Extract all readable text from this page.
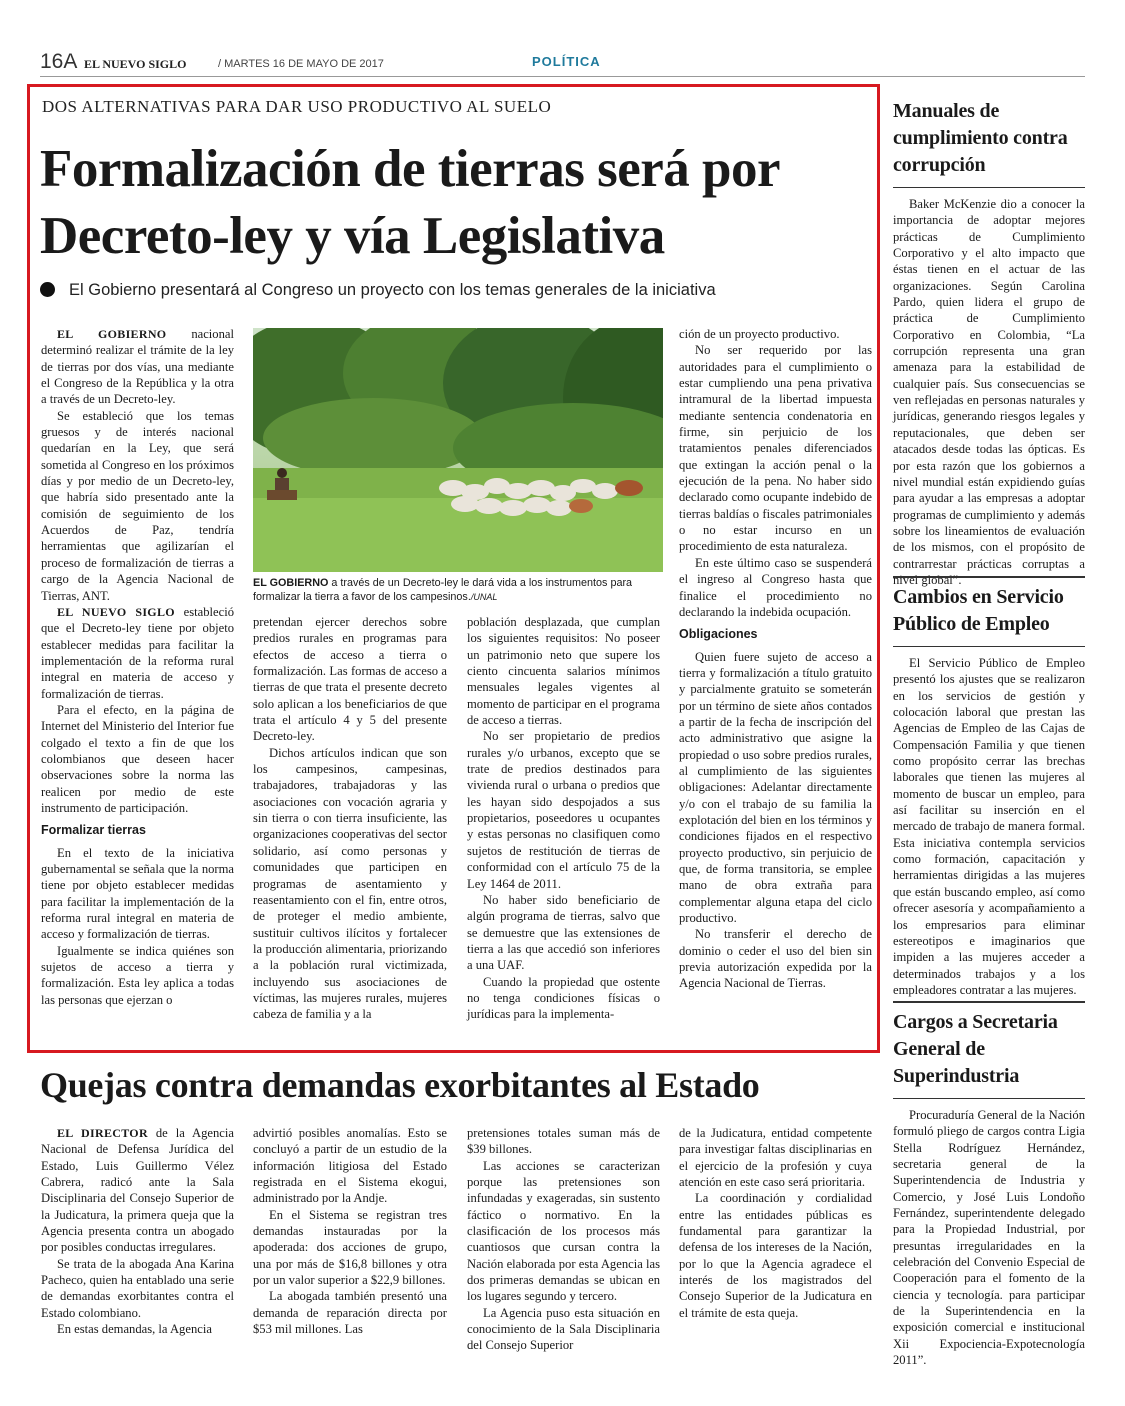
16A EL NUEVO SIGLO	/ MARTES 16 DE MAYO DE 2017	POLÍTICA
DOS ALTERNATIVAS PARA DAR USO PRODUCTIVO AL SUELO
Formalización de tierras será por Decreto-ley y vía Legislativa
El Gobierno presentará al Congreso un proyecto con los temas generales de la iniciativa

EL GOBIERNO nacional determinó realizar el trámite de la ley de tierras por dos vías, una mediante el Congreso de la República y la otra a través de un Decreto-ley.

Se estableció que los temas gruesos y de interés nacional quedarían en la Ley, que será sometida al Congreso en los próximos días y por medio de un Decreto-ley, que habría sido presentado ante la comisión de seguimiento de los Acuerdos de Paz, tendría herramientas que agilizarían el proceso de formalización de tierras a cargo de la Agencia Nacional de Tierras, ANT.

EL NUEVO SIGLO estableció que el Decreto-ley tiene por objeto establecer medidas para facilitar la implementación de la reforma rural integral en materia de acceso y formalización de tierras.

Para el efecto, en la página de Internet del Ministerio del Interior fue colgado el texto a fin de que los colombianos que deseen hacer observaciones sobre la norma las realicen por medio de este instrumento de participación.

Formalizar tierras

En el texto de la iniciativa gubernamental se señala que la norma tiene por objeto establecer medidas para facilitar la implementación de la reforma rural integral en materia de acceso y formalización de tierras.

Igualmente se indica quiénes son sujetos de acceso a tierra y formalización. Esta ley aplica a todas las personas que ejerzan o

EL GOBIERNO a través de un Decreto-ley le dará vida a los instrumentos para formalizar la tierra a favor de los campesinos./UNAL

pretendan ejercer derechos sobre predios rurales en programas para efectos de acceso a tierra o formalización. Las formas de acceso a tierras de que trata el presente decreto solo aplican a los beneficiarios de que trata el artículo 4 y 5 del presente Decreto-ley.

Dichos artículos indican que son los campesinos, campesinas, trabajadores, trabajadoras y las asociaciones con vocación agraria y sin tierra o con tierra insuficiente, las organizaciones cooperativas del sector solidario, así como personas y comunidades que participen en programas de asentamiento y reasentamiento con el fin, entre otros, de proteger el medio ambiente, sustituir cultivos ilícitos y fortalecer la producción alimentaria, priorizando a la población rural victimizada, incluyendo sus asociaciones de víctimas, las mujeres rurales, mujeres cabeza de familia y a la

población desplazada, que cumplan los siguientes requisitos: No poseer un patrimonio neto que supere los ciento cincuenta salarios mínimos mensuales legales vigentes al momento de participar en el programa de acceso a tierras.

No ser propietario de predios rurales y/o urbanos, excepto que se trate de predios destinados para vivienda rural o urbana o predios que les hayan sido despojados a sus propietarios, poseedores u ocupantes y estas personas no clasifiquen como sujetos de restitución de tierras de conformidad con el artículo 75 de la Ley 1464 de 2011.

No haber sido beneficiario de algún programa de tierras, salvo que se demuestre que las extensiones de tierra a las que accedió son inferiores a una UAF.

Cuando la propiedad que ostente no tenga condiciones físicas o jurídicas para la implementa-

ción de un proyecto productivo.

No ser requerido por las autoridades para el cumplimiento o estar cumpliendo una pena privativa intramural de la libertad impuesta mediante sentencia condenatoria en firme, sin perjuicio de los tratamientos penales diferenciados que extingan la acción penal o la ejecución de la pena. No haber sido declarado como ocupante indebido de tierras baldías o fiscales patrimoniales o no estar incurso en un procedimiento de esta naturaleza.

En este último caso se suspenderá el ingreso al Congreso hasta que finalice el procedimiento no declarando la indebida ocupación.

Obligaciones

Quien fuere sujeto de acceso a tierra y formalización a título gratuito y parcialmente gratuito se someterán por un término de siete años contados a partir de la fecha de inscripción del acto administrativo que asigne la propiedad o uso sobre predios rurales, al cumplimiento de las siguientes obligaciones: Adelantar directamente y/o con el trabajo de su familia la explotación del bien en los términos y condiciones fijados en el respectivo proyecto productivo, sin perjuicio de que, de forma transitoria, se emplee mano de obra extraña para complementar alguna etapa del ciclo productivo.

No transferir el derecho de dominio o ceder el uso del bien sin previa autorización expedida por la Agencia Nacional de Tierras.

Quejas contra demandas exorbitantes al Estado

EL DIRECTOR de la Agencia Nacional de Defensa Jurídica del Estado, Luis Guillermo Vélez Cabrera, radicó ante la Sala Disciplinaria del Consejo Superior de la Judicatura, la primera queja que la Agencia presenta contra un abogado por posibles conductas irregulares.

Se trata de la abogada Ana Karina Pacheco, quien ha entablado una serie de demandas exorbitantes contra el Estado colombiano.

En estas demandas, la Agencia

advirtió posibles anomalías. Esto se concluyó a partir de un estudio de la información litigiosa del Estado registrada en el Sistema ekogui, administrado por la Andje.

En el Sistema se registran tres demandas instauradas por la apoderada: dos acciones de grupo, una por más de $16,8 billones y otra por un valor superior a $22,9 billones.

La abogada también presentó una demanda de reparación directa por $53 mil millones. Las

pretensiones totales suman más de $39 billones.

Las acciones se caracterizan porque las pretensiones son infundadas y exageradas, sin sustento fáctico o normativo. En la clasificación de los procesos más cuantiosos que cursan contra la Nación elaborada por esta Agencia las dos primeras demandas se ubican en los lugares segundo y tercero.

La Agencia puso esta situación en conocimiento de la Sala Disciplinaria del Consejo Superior

de la Judicatura, entidad competente para investigar faltas disciplinarias en el ejercicio de la profesión y cuya atención en este caso será prioritaria.

La coordinación y cordialidad entre las entidades públicas es fundamental para garantizar la defensa de los intereses de la Nación, por lo que la Agencia agradece el interés de los magistrados del Consejo Superior de la Judicatura en el trámite de esta queja.

Manuales de cumplimiento contra corrupción

Baker McKenzie dio a conocer la importancia de adoptar mejores prácticas de Cumplimiento Corporativo y el alto impacto que éstas tienen en el actuar de las organizaciones. Según Carolina Pardo, quien lidera el grupo de práctica de Cumplimiento Corporativo en Colombia, “La corrupción representa una gran amenaza para la estabilidad de cualquier país. Sus consecuencias se ven reflejadas en personas naturales y jurídicas, generando riesgos legales y reputacionales, que deben ser atacados desde todas las ópticas. Es por esta razón que los gobiernos a nivel mundial están expidiendo guías para ayudar a las empresas a adoptar programas de cumplimiento y además sobre los lineamientos de evaluación de los mismos, con el propósito de contrarrestar prácticas corruptas a nivel global”.

Cambios en Servicio Público de Empleo

El Servicio Público de Empleo presentó los ajustes que se realizaron en los servicios de gestión y colocación laboral que prestan las Agencias de Empleo de las Cajas de Compensación Familia y que tienen como propósito cerrar las brechas laborales que tienen las mujeres al momento de buscar un empleo, para así facilitar su inserción en el mercado de trabajo de manera formal. Esta iniciativa contempla servicios como formación, capacitación y herramientas dirigidas a las mujeres que están buscando empleo, así como ofrecer asesoría y acompañamiento a los empresarios para eliminar estereotipos e imaginarios que impiden a las mujeres acceder a determinados trabajos y a los empleadores contratar a las mujeres.

Cargos a Secretaria General de Superindustria

Procuraduría General de la Nación formuló pliego de cargos contra Ligia Stella Rodríguez Hernández, secretaria general de la Superintendencia de Industria y Comercio, y José Luis Londoño Fernández, superintendente delegado para la Propiedad Industrial, por presuntas irregularidades en la celebración del Convenio Especial de Cooperación para el fomento de la ciencia y tecnología. para participar de la Superintendencia en la exposición comercial e institucional Xii Expociencia-Expotecnología 2011”.
